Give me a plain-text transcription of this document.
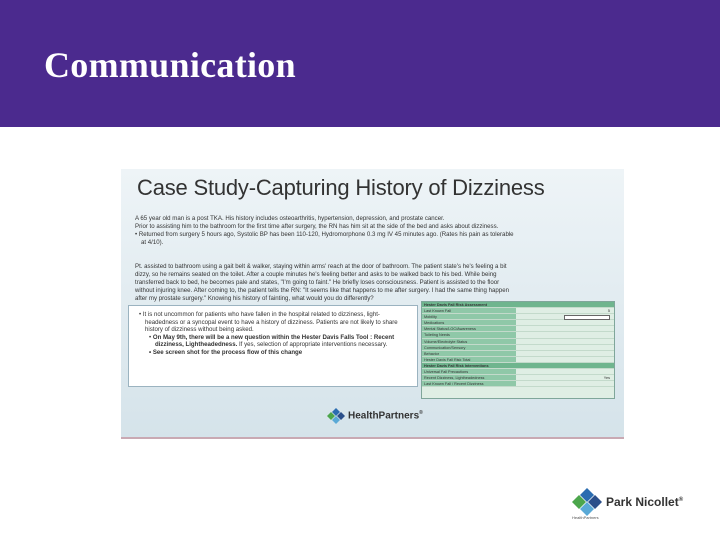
Communication
Case Study-Capturing History of Dizziness
A 65 year old man is a post TKA. His history includes osteoarthritis, hypertension, depression, and prostate cancer.
Prior to assisting him to the bathroom for the first time after surgery, the RN has him sit at the side of the bed and asks about dizziness.
• Returned from surgery 5 hours ago, Systolic BP has been 110-120, Hydromorphone 0.3 mg IV 45 minutes ago. (Rates his pain as tolerable
at 4/10).
Pt. assisted to bathroom using a gait belt & walker, staying within arms' reach at the door of bathroom. The patient state's he's feeling a bit
dizzy, so he remains seated on the toilet. After a couple minutes he's feeling better and asks to be walked back to his bed. While being
transferred back to bed, he becomes pale and states, "I'm going to faint." He briefly loses consciousness. Patient is assisted to the floor
without injuring knee. After coming to, the patient tells the RN: "It seems like that happens to me after surgery. I had the same thing happen
after my prostate surgery." Knowing his history of fainting, what would you do differently?
• It is not uncommon for patients who have fallen in the hospital related to dizziness, light-headedness or a syncopal event to have a history of dizziness. Patients are not likely to share history of dizziness without being asked.
• On May 9th, there will be a new question within the Hester Davis Falls Tool : Recent dizziness, Lightheadedness. If yes, selection of appropriate interventions necessary.
• See screen shot for the process flow of this change
HealthPartners®
Hester Davis Fall Risk Assessment
Last Known Fall	5
Mobility
Medications
Mental Status/LOC/Awareness
Toileting Needs
Volume/Electrolyte Status
Communication/Sensory
Behavior
Hester Davis Fall Risk Total
Hester Davis Fall Risk Interventions
Universal Fall Precautions
Recent Dizziness, Lightheadedness	Yes
Last Known Fall / Recent Dizziness
Park Nicollet®
HealthPartners
